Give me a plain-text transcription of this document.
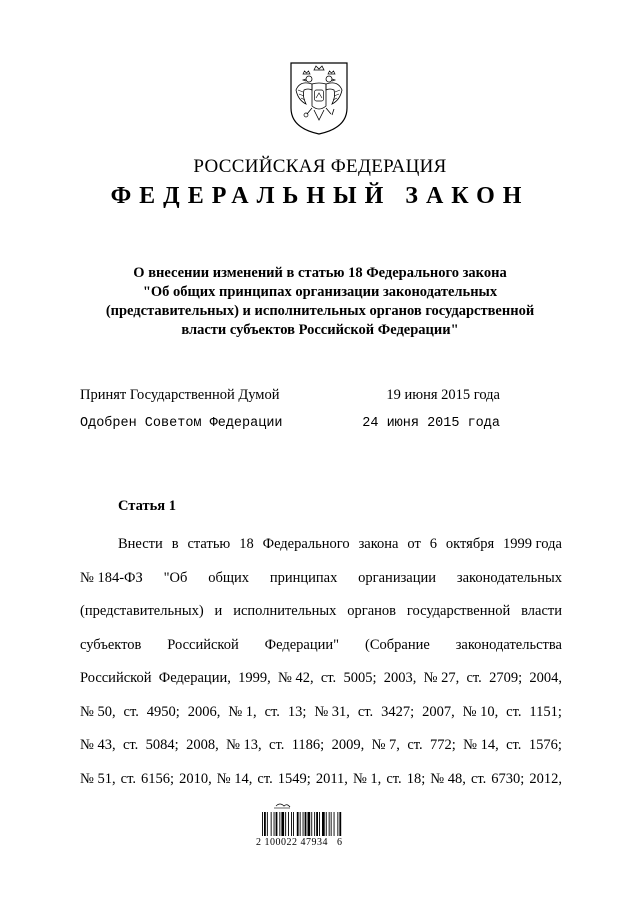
РОССИЙСКАЯ ФЕДЕРАЦИЯ
ФЕДЕРАЛЬНЫЙ ЗАКОН
О внесении изменений в статью 18 Федерального закона
"Об общих принципах организации законодательных
(представительных) и исполнительных органов государственной
власти субъектов Российской Федерации"
Принят Государственной Думой	19 июня 2015 года
Одобрен Советом Федерации	24 июня 2015 года
Статья 1
Внести в статью 18 Федерального закона от 6 октября 1999 года
№ 184-ФЗ "Об общих принципах организации законодательных
(представительных) и исполнительных органов государственной власти
субъектов Российской Федерации" (Собрание законодательства
Российской Федерации, 1999, № 42, ст. 5005; 2003, № 27, ст. 2709; 2004,
№ 50, ст. 4950; 2006, № 1, ст. 13; № 31, ст. 3427; 2007, № 10, ст. 1151;
№ 43, ст. 5084; 2008, № 13, ст. 1186; 2009, № 7, ст. 772; № 14, ст. 1576;
№ 51, ст. 6156; 2010, № 14, ст. 1549; 2011, № 1, ст. 18; № 48, ст. 6730; 2012,
2 100022 47934   6
